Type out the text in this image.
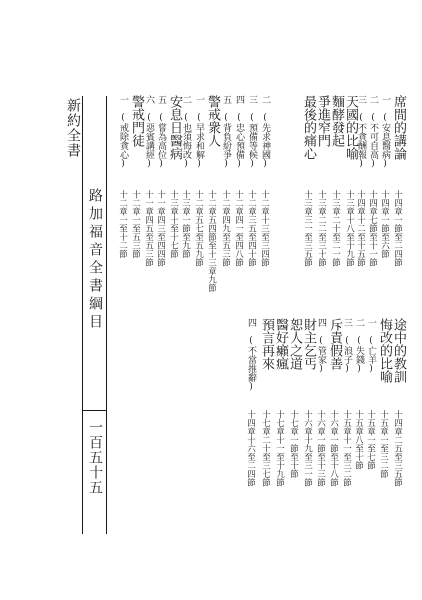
新約全書
路加福音全書綱目
五　(嘗為高位)
十一章四三至四四節
六　(惡賓講經)
十一章四五至五三節
警戒門徒
十二章一至五三節
一　(戒除貪心)
十二章一至十二節
二　(先求神國)
十二章十三至三四節
三　(預備等候)
十二章三五至四十節
四　(忠心預備)
十二章四一至四八節
五　(背負紛爭)
十二章四九至五三節
警戒衆人
十二章五四節至十三章九節
一　(早求和解)
十二章五七至五九節
二　(也須悔改)
十三章一節至九節
安息日醫病
十三章十至十七節
天國的比喻
十三章十八至十九節
麵酵發起
十三章二十至二一節
爭進窄門
十三章二二至三十節
最後的痛心
十三章三一至三五節
席間的講論
十四章一節至二四節
一　(安息醫病)
十四章一節至六節
二　(不可自高)
十四章七節至十一節
三　(不貪酬報)
十四章十二至十五節
途中的教訓
十四章二五至三五節
悔改的比喻
十五章一至三二節
一　(亡羊)
十五章一至七節
二　(失錢)
十五章八至十節
三　(浪子)
十五章十一至三二節
斥責假善
十六章一節至十八節
四　(管家)
十六章一節至十三節
財主乞丐
十六章十九至三一節
恕人之道
十七章一節至十節
醫好癩瘋
十七章十一至十九節
預言再來
十七章二十至三七節
四　(不當推辭)
十四章十六至二四節
一百五十五
